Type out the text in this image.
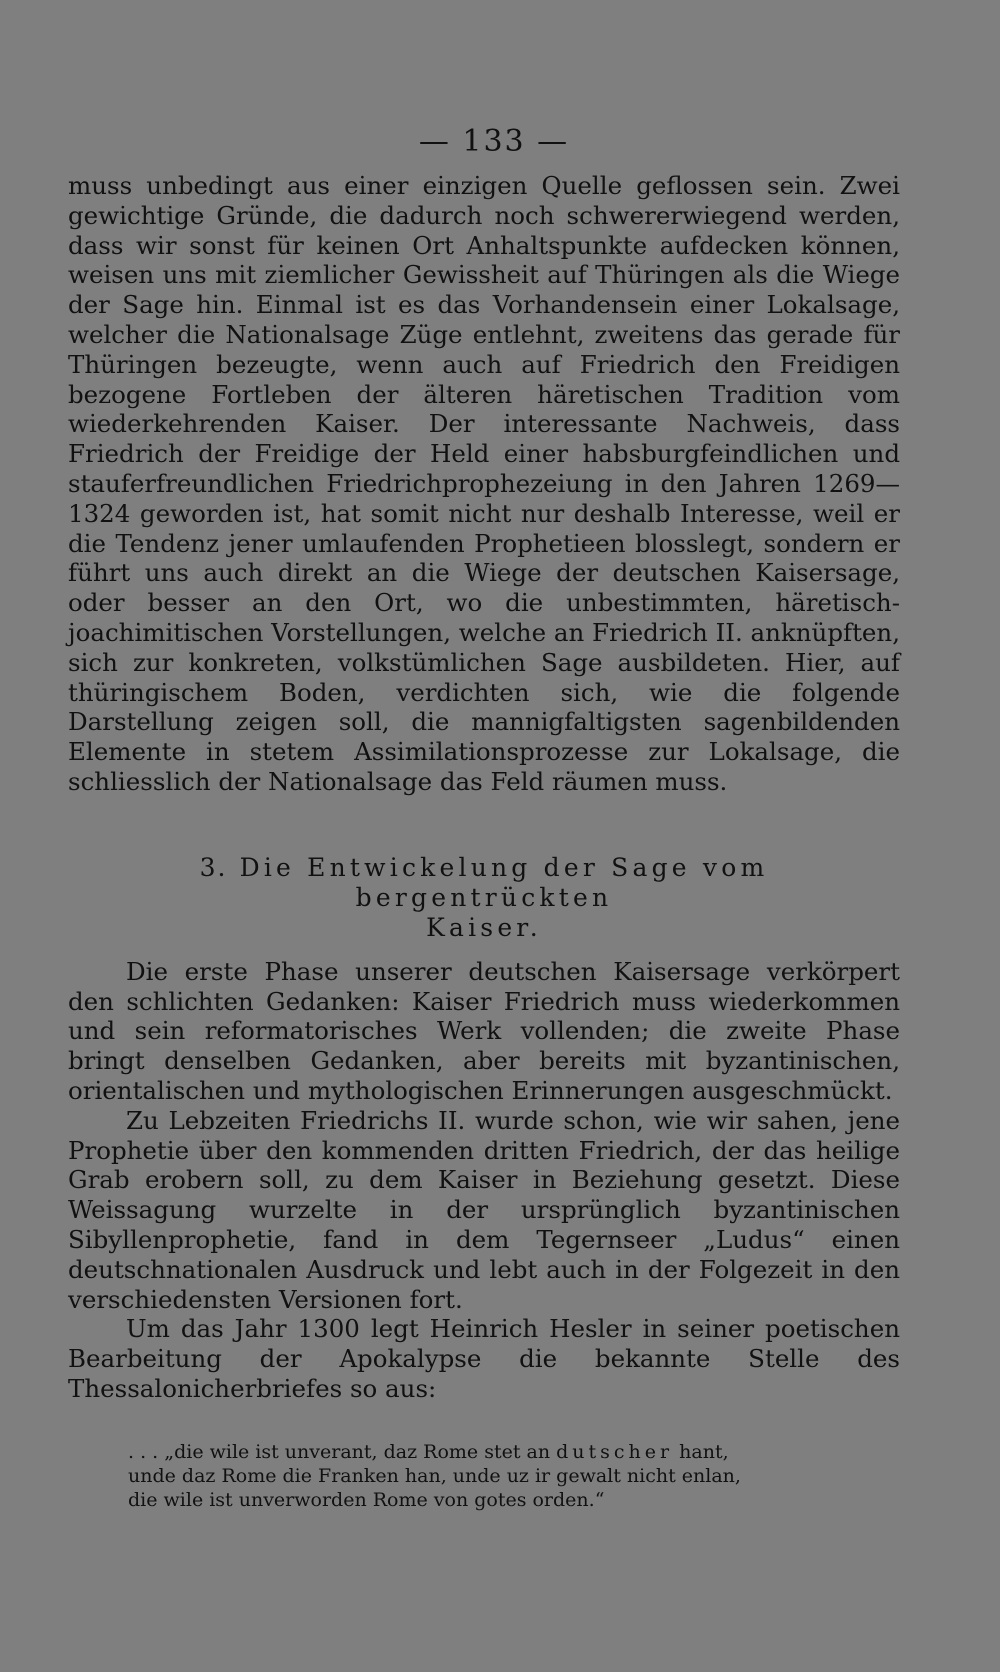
— 133 —

muss unbedingt aus einer einzigen Quelle geflossen sein. Zwei gewichtige Gründe, die dadurch noch schwererwiegend werden, dass wir sonst für keinen Ort Anhaltspunkte aufdecken können, weisen uns mit ziemlicher Gewissheit auf Thüringen als die Wiege der Sage hin. Einmal ist es das Vorhandensein einer Lokalsage, welcher die Nationalsage Züge entlehnt, zweitens das gerade für Thüringen bezeugte, wenn auch auf Friedrich den Freidigen bezogene Fortleben der älteren häretischen Tradition vom wiederkehrenden Kaiser. Der interessante Nachweis, dass Friedrich der Freidige der Held einer habsburgfeindlichen und stauferfreundlichen Friedrichprophezeiung in den Jahren 1269—1324 geworden ist, hat somit nicht nur deshalb Interesse, weil er die Tendenz jener umlaufenden Prophetieen blosslegt, sondern er führt uns auch direkt an die Wiege der deutschen Kaisersage, oder besser an den Ort, wo die unbestimmten, häretisch-joachimitischen Vorstellungen, welche an Friedrich II. anknüpften, sich zur konkreten, volkstümlichen Sage ausbildeten. Hier, auf thüringischem Boden, verdichten sich, wie die folgende Darstellung zeigen soll, die mannigfaltigsten sagenbildenden Elemente in stetem Assimilationsprozesse zur Lokalsage, die schliesslich der Nationalsage das Feld räumen muss.

3. Die Entwickelung der Sage vom bergentrückten
Kaiser.

Die erste Phase unserer deutschen Kaisersage verkörpert den schlichten Gedanken: Kaiser Friedrich muss wiederkommen und sein reformatorisches Werk vollenden; die zweite Phase bringt denselben Gedanken, aber bereits mit byzantinischen, orientalischen und mythologischen Erinnerungen ausgeschmückt.

Zu Lebzeiten Friedrichs II. wurde schon, wie wir sahen, jene Prophetie über den kommenden dritten Friedrich, der das heilige Grab erobern soll, zu dem Kaiser in Beziehung gesetzt. Diese Weissagung wurzelte in der ursprünglich byzantinischen Sibyllenprophetie, fand in dem Tegernseer „Ludus“ einen deutschnationalen Ausdruck und lebt auch in der Folgezeit in den verschiedensten Versionen fort.

Um das Jahr 1300 legt Heinrich Hesler in seiner poetischen Bearbeitung der Apokalypse die bekannte Stelle des Thessalonicherbriefes so aus:

. . . „die wile ist unverant, daz Rome stet an dutscher hant,
unde daz Rome die Franken han, unde uz ir gewalt nicht enlan,
die wile ist unverworden Rome von gotes orden.“
